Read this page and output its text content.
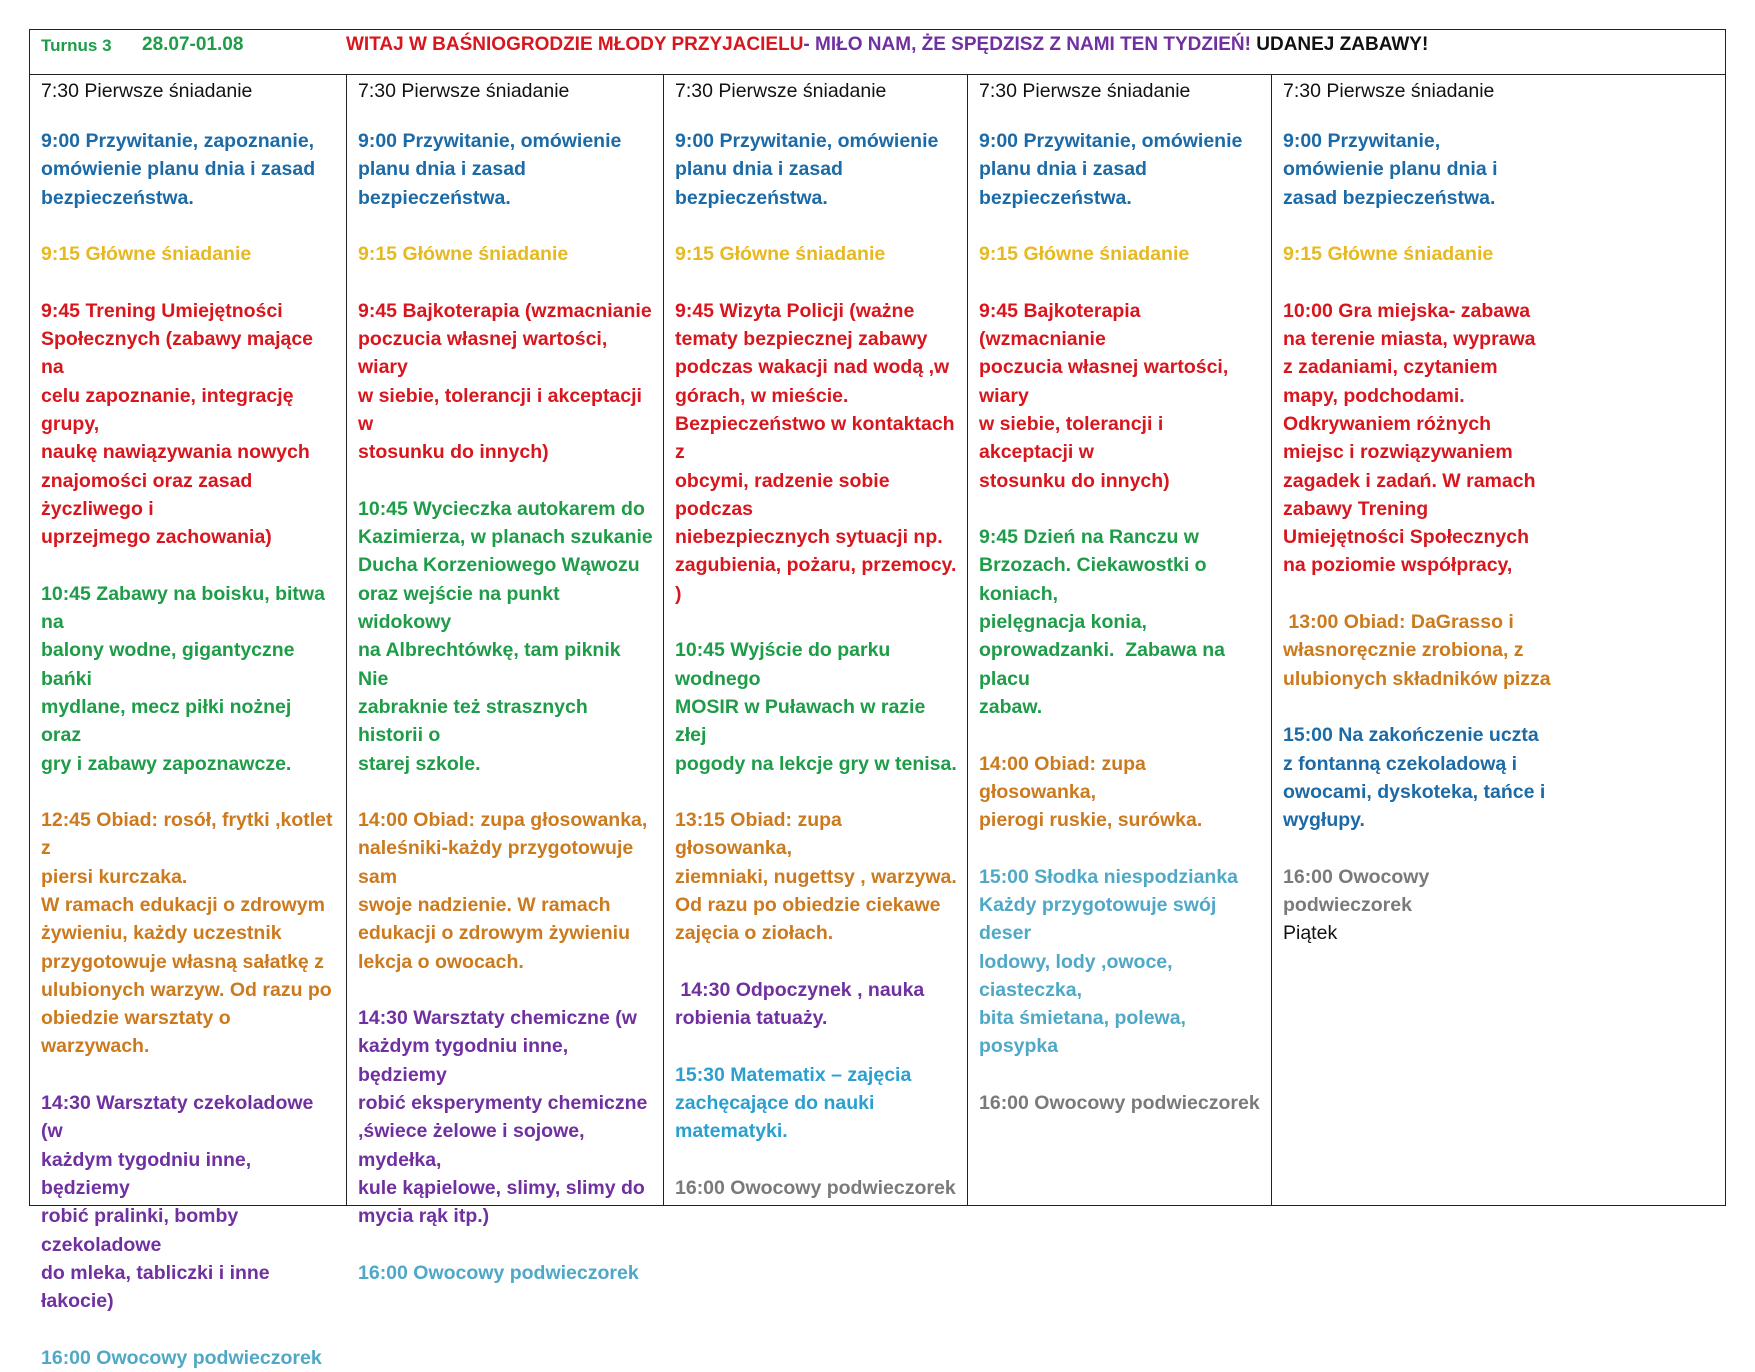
Turnus 3 28.07-01.08	WITAJ W BAŚNIOGRODZIE MŁODY PRZYJACIELU- MIŁO NAM, ŻE SPĘDZISZ Z NAMI TEN TYDZIEŃ! UDANEJ ZABAWY!

7:30 Pierwsze śniadanie

9:00 Przywitanie, zapoznanie,
omówienie planu dnia i zasad
bezpieczeństwa.

9:15 Główne śniadanie

9:45 Trening Umiejętności
Społecznych (zabawy mające na
celu zapoznanie, integrację grupy,
naukę nawiązywania nowych
znajomości oraz zasad życzliwego i
uprzejmego zachowania)

10:45 Zabawy na boisku, bitwa na
balony wodne, gigantyczne bańki
mydlane, mecz piłki nożnej oraz
gry i zabawy zapoznawcze.

12:45 Obiad: rosół, frytki ,kotlet z
piersi kurczaka.
W ramach edukacji o zdrowym
żywieniu, każdy uczestnik
przygotowuje własną sałatkę z
ulubionych warzyw. Od razu po
obiedzie warsztaty o warzywach.

14:30 Warsztaty czekoladowe (w
każdym tygodniu inne, będziemy
robić pralinki, bomby czekoladowe
do mleka, tabliczki i inne łakocie)

16:00 Owocowy podwieczorek

7:30 Pierwsze śniadanie

9:00 Przywitanie, omówienie
planu dnia i zasad bezpieczeństwa.

9:15 Główne śniadanie

9:45 Bajkoterapia (wzmacnianie
poczucia własnej wartości, wiary
w siebie, tolerancji i akceptacji w
stosunku do innych)

10:45 Wycieczka autokarem do
Kazimierza, w planach szukanie
Ducha Korzeniowego Wąwozu
oraz wejście na punkt widokowy
na Albrechtówkę, tam piknik Nie
zabraknie też strasznych historii o
starej szkole.

14:00 Obiad: zupa głosowanka,
naleśniki-każdy przygotowuje sam
swoje nadzienie. W ramach
edukacji o zdrowym żywieniu
lekcja o owocach.

14:30 Warsztaty chemiczne (w
każdym tygodniu inne, będziemy
robić eksperymenty chemiczne
,świece żelowe i sojowe, mydełka,
kule kąpielowe, slimy, slimy do
mycia rąk itp.)

16:00 Owocowy podwieczorek

7:30 Pierwsze śniadanie

9:00 Przywitanie, omówienie
planu dnia i zasad
bezpieczeństwa.

9:15 Główne śniadanie

9:45 Wizyta Policji (ważne
tematy bezpiecznej zabawy
podczas wakacji nad wodą ,w
górach, w mieście.
Bezpieczeństwo w kontaktach z
obcymi, radzenie sobie podczas
niebezpiecznych sytuacji np.
zagubienia, pożaru, przemocy. )

10:45 Wyjście do parku wodnego
MOSIR w Puławach w razie złej
pogody na lekcje gry w tenisa.

13:15 Obiad: zupa głosowanka,
ziemniaki, nugettsy , warzywa.
Od razu po obiedzie ciekawe
zajęcia o ziołach.

14:30 Odpoczynek , nauka
robienia tatuaży.

15:30 Matematix – zajęcia
zachęcające do nauki
matematyki.

16:00 Owocowy podwieczorek

7:30 Pierwsze śniadanie

9:00 Przywitanie, omówienie
planu dnia i zasad
bezpieczeństwa.

9:15 Główne śniadanie

9:45 Bajkoterapia (wzmacnianie
poczucia własnej wartości, wiary
w siebie, tolerancji i akceptacji w
stosunku do innych)

9:45 Dzień na Ranczu w
Brzozach. Ciekawostki o koniach,
pielęgnacja konia,
oprowadzanki.  Zabawa na placu
zabaw.

14:00 Obiad: zupa głosowanka,
pierogi ruskie, surówka.

15:00 Słodka niespodzianka
Każdy przygotowuje swój deser
lodowy, lody ,owoce, ciasteczka,
bita śmietana, polewa, posypka

16:00 Owocowy podwieczorek

7:30 Pierwsze śniadanie

9:00 Przywitanie,
omówienie planu dnia i
zasad bezpieczeństwa.

9:15 Główne śniadanie

10:00 Gra miejska- zabawa
na terenie miasta, wyprawa
z zadaniami, czytaniem
mapy, podchodami.
Odkrywaniem różnych
miejsc i rozwiązywaniem
zagadek i zadań. W ramach
zabawy Trening
Umiejętności Społecznych
na poziomie współpracy,

13:00 Obiad: DaGrasso i
własnoręcznie zrobiona, z
ulubionych składników pizza

15:00 Na zakończenie uczta
z fontanną czekoladową i
owocami, dyskoteka, tańce i
wygłupy.

16:00 Owocowy
podwieczorek

Piątek
